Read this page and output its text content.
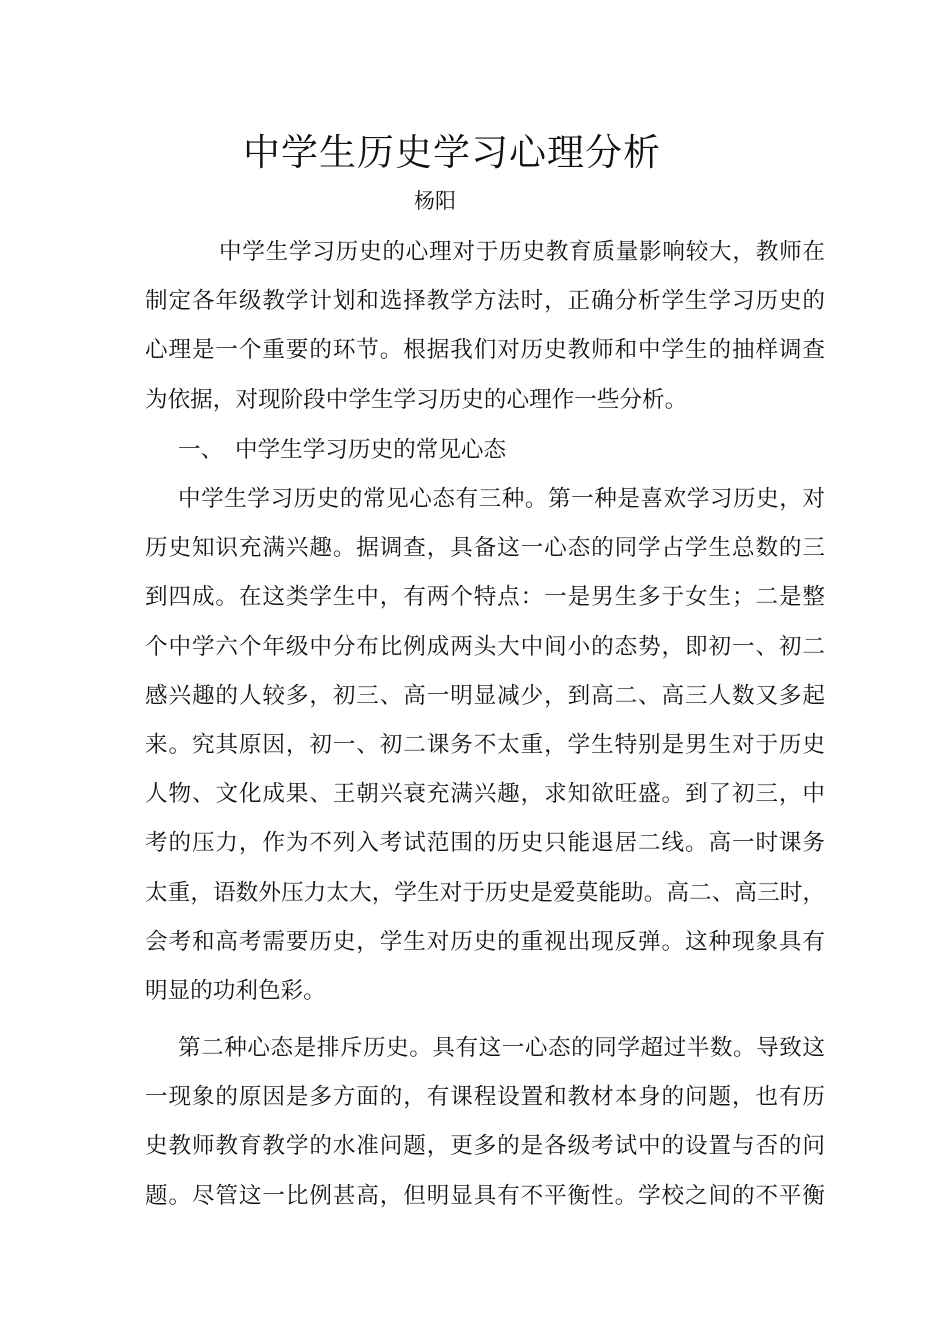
中学生历史学习心理分析
杨阳
中学生学习历史的心理对于历史教育质量影响较大，教师在
制定各年级教学计划和选择教学方法时，正确分析学生学习历史的
心理是一个重要的环节。根据我们对历史教师和中学生的抽样调查
为依据，对现阶段中学生学习历史的心理作一些分析。
一、 中学生学习历史的常见心态
中学生学习历史的常见心态有三种。第一种是喜欢学习历史，对
历史知识充满兴趣。据调查，具备这一心态的同学占学生总数的三
到四成。在这类学生中，有两个特点：一是男生多于女生；二是整
个中学六个年级中分布比例成两头大中间小的态势，即初一、初二
感兴趣的人较多，初三、高一明显减少，到高二、高三人数又多起
来。究其原因，初一、初二课务不太重，学生特别是男生对于历史
人物、文化成果、王朝兴衰充满兴趣，求知欲旺盛。到了初三，中
考的压力，作为不列入考试范围的历史只能退居二线。高一时课务
太重，语数外压力太大，学生对于历史是爱莫能助。高二、高三时，
会考和高考需要历史，学生对历史的重视出现反弹。这种现象具有
明显的功利色彩。
第二种心态是排斥历史。具有这一心态的同学超过半数。导致这
一现象的原因是多方面的，有课程设置和教材本身的问题，也有历
史教师教育教学的水准问题，更多的是各级考试中的设置与否的问
题。尽管这一比例甚高，但明显具有不平衡性。学校之间的不平衡
